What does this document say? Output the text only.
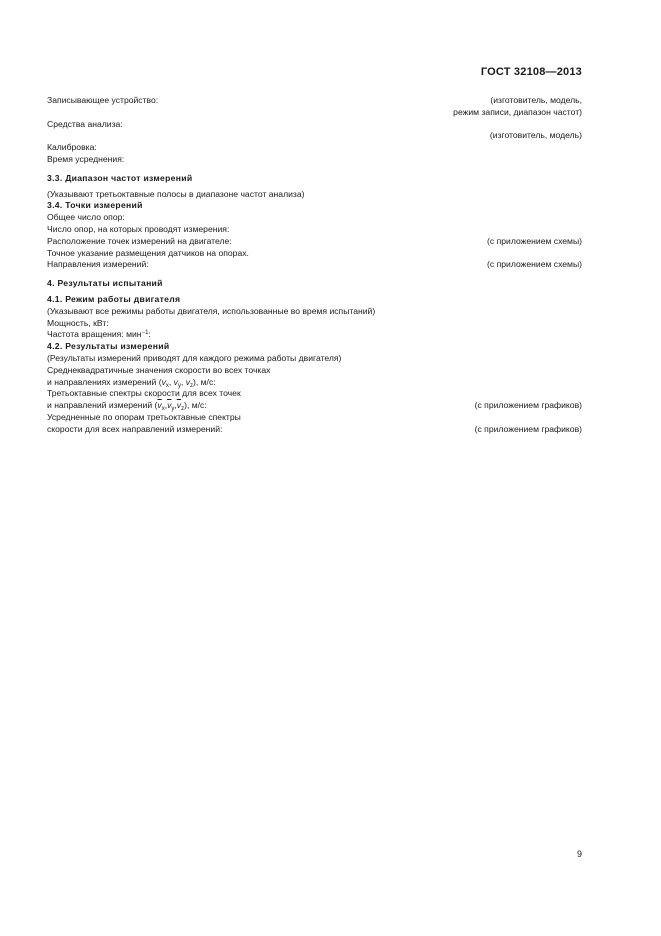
ГОСТ 32108—2013
Записывающее устройство:	(изготовитель, модель,
режим записи, диапазон частот)
Средства анализа:
(изготовитель, модель)
Калибровка:
Время усреднения:
3.3. Диапазон частот измерений
(Указывают третьоктавные полосы в диапазоне частот анализа)
3.4. Точки измерений
Общее число опор:
Число опор, на которых проводят измерения:
Расположение точек измерений на двигателе:	(с приложением схемы)
Точное указание размещения датчиков на опорах.
Направления измерений:	(с приложением схемы)
4. Результаты испытаний
4.1. Режим работы двигателя
(Указывают все режимы работы двигателя, использованные во время испытаний)
Мощность, кВт:
Частота вращения: мин$^{-1}$:
4.2. Результаты измерений
(Результаты измерений приводят для каждого режима работы двигателя)
Среднеквадратичные значения скорости во всех точках
и направлениях измерений ($v_x$, $v_y$, $v_z$), м/с:
Третьоктавные спектры скорости для всех точек
и направлений измерений $(\overline{v}_x,\overline{v}_y,\overline{v}_z)$, м/с:	(с приложением графиков)
Усредненные по опорам третьоктавные спектры
скорости для всех направлений измерений:	(с приложением графиков)
9
